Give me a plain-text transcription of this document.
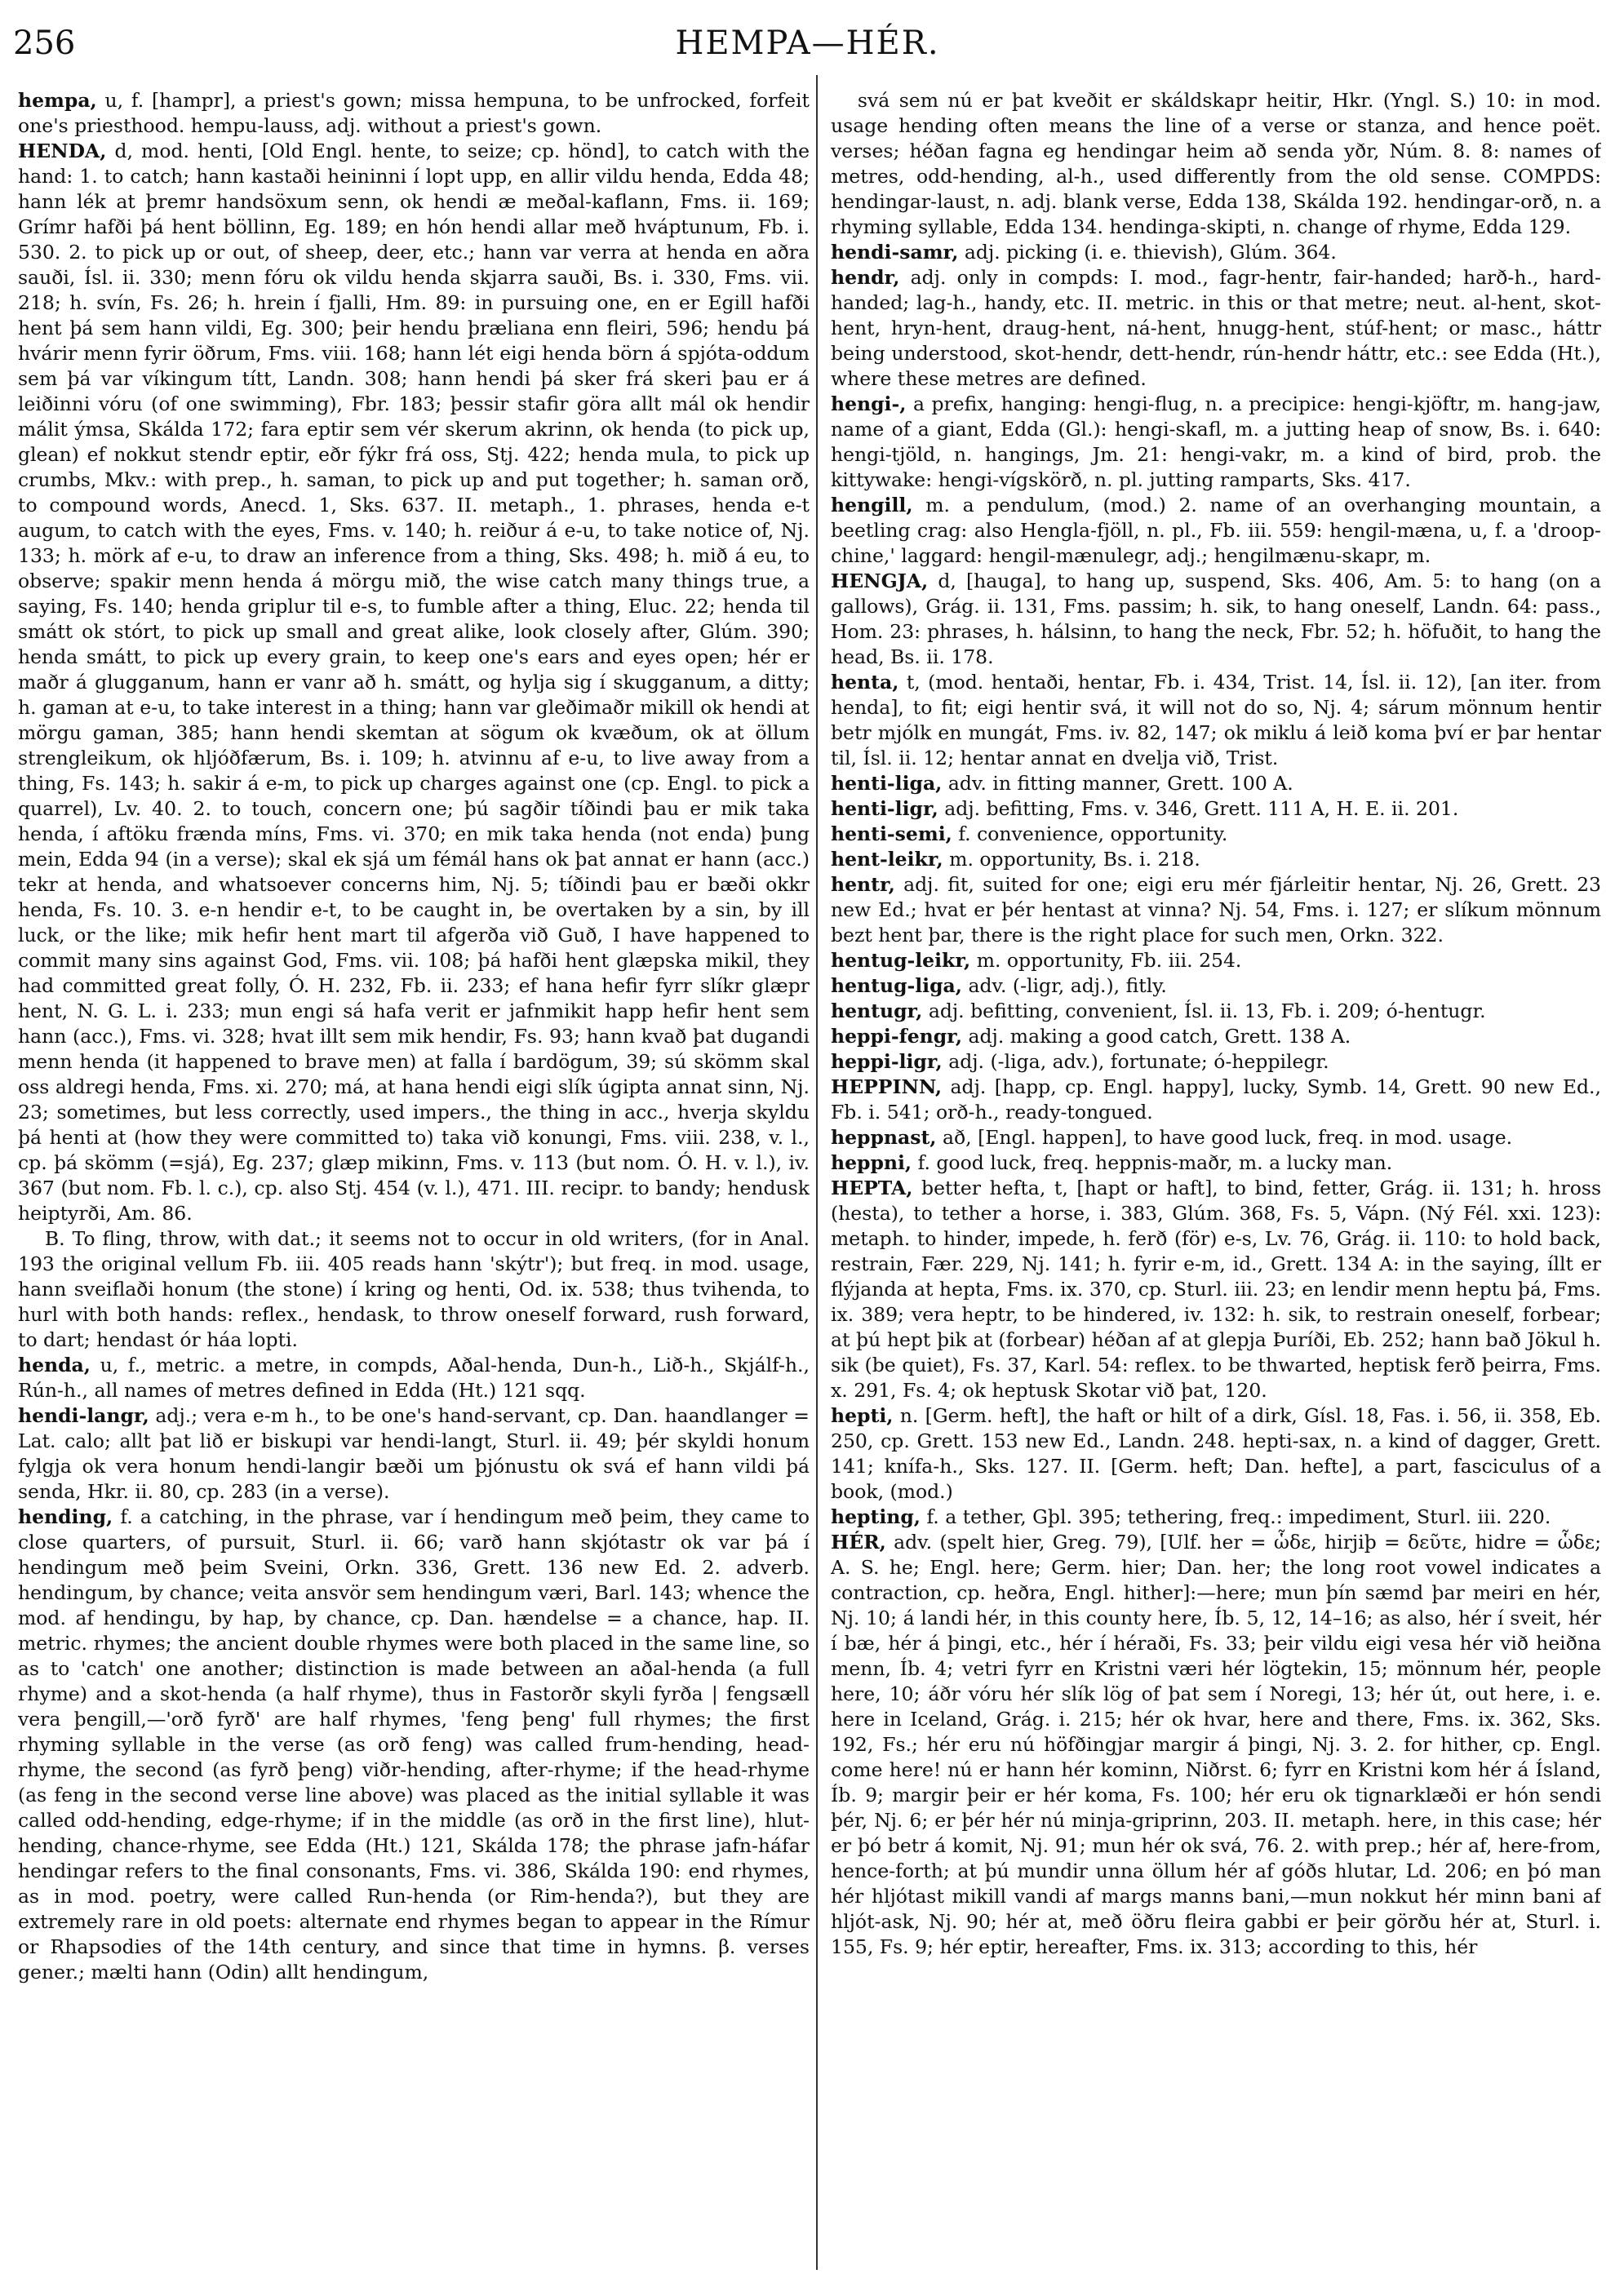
256	HEMPA—HÉR.

hempa, u, f. [hampr], a priest's gown; missa hempuna, to be unfrocked, forfeit one's priesthood. hempu-lauss, adj. without a priest's gown.

HENDA, d, mod. henti, [Old Engl. hente, to seize; cp. hönd], to catch with the hand: 1. to catch; hann kastaði heininni í lopt upp, en allir vildu henda, Edda 48; hann lék at þremr handsöxum senn, ok hendi æ meðal-kaflann, Fms. ii. 169; Grímr hafði þá hent böllinn, Eg. 189; en hón hendi allar með hváptunum, Fb. i. 530. 2. to pick up or out, of sheep, deer, etc.; hann var verra at henda en aðra sauði, Ísl. ii. 330; menn fóru ok vildu henda skjarra sauði, Bs. i. 330, Fms. vii. 218; h. svín, Fs. 26; h. hrein í fjalli, Hm. 89: in pursuing one, en er Egill hafði hent þá sem hann vildi, Eg. 300; þeir hendu þræliana enn fleiri, 596; hendu þá hvárir menn fyrir öðrum, Fms. viii. 168; hann lét eigi henda börn á spjóta-oddum sem þá var víkingum títt, Landn. 308; hann hendi þá sker frá skeri þau er á leiðinni vóru (of one swimming), Fbr. 183; þessir stafir göra allt mál ok hendir málit ýmsa, Skálda 172; fara eptir sem vér skerum akrinn, ok henda (to pick up, glean) ef nokkut stendr eptir, eðr fýkr frá oss, Stj. 422; henda mula, to pick up crumbs, Mkv.: with prep., h. saman, to pick up and put together; h. saman orð, to compound words, Anecd. 1, Sks. 637. II. metaph., 1. phrases, henda e-t augum, to catch with the eyes, Fms. v. 140; h. reiður á e-u, to take notice of, Nj. 133; h. mörk af e-u, to draw an inference from a thing, Sks. 498; h. mið á eu, to observe; spakir menn henda á mörgu mið, the wise catch many things true, a saying, Fs. 140; henda griplur til e-s, to fumble after a thing, Eluc. 22; henda til smátt ok stórt, to pick up small and great alike, look closely after, Glúm. 390; henda smátt, to pick up every grain, to keep one's ears and eyes open; hér er maðr á glugganum, hann er vanr að h. smátt, og hylja sig í skugganum, a ditty; h. gaman at e-u, to take interest in a thing; hann var gleðimaðr mikill ok hendi at mörgu gaman, 385; hann hendi skemtan at sögum ok kvæðum, ok at öllum strengleikum, ok hljóðfærum, Bs. i. 109; h. atvinnu af e-u, to live away from a thing, Fs. 143; h. sakir á e-m, to pick up charges against one (cp. Engl. to pick a quarrel), Lv. 40. 2. to touch, concern one; þú sagðir tíðindi þau er mik taka henda, í aftöku frænda míns, Fms. vi. 370; en mik taka henda (not enda) þung mein, Edda 94 (in a verse); skal ek sjá um fémál hans ok þat annat er hann (acc.) tekr at henda, and whatsoever concerns him, Nj. 5; tíðindi þau er bæði okkr henda, Fs. 10. 3. e-n hendir e-t, to be caught in, be overtaken by a sin, by ill luck, or the like; mik hefir hent mart til afgerða við Guð, I have happened to commit many sins against God, Fms. vii. 108; þá hafði hent glæpska mikil, they had committed great folly, Ó. H. 232, Fb. ii. 233; ef hana hefir fyrr slíkr glæpr hent, N. G. L. i. 233; mun engi sá hafa verit er jafnmikit happ hefir hent sem hann (acc.), Fms. vi. 328; hvat illt sem mik hendir, Fs. 93; hann kvað þat dugandi menn henda (it happened to brave men) at falla í bardögum, 39; sú skömm skal oss aldregi henda, Fms. xi. 270; má, at hana hendi eigi slík úgipta annat sinn, Nj. 23; sometimes, but less correctly, used impers., the thing in acc., hverja skyldu þá henti at (how they were committed to) taka við konungi, Fms. viii. 238, v. l., cp. þá skömm (=sjá), Eg. 237; glæp mikinn, Fms. v. 113 (but nom. Ó. H. v. l.), iv. 367 (but nom. Fb. l. c.), cp. also Stj. 454 (v. l.), 471. III. recipr. to bandy; hendusk heiptyrði, Am. 86.

B. To fling, throw, with dat.; it seems not to occur in old writers, (for in Anal. 193 the original vellum Fb. iii. 405 reads hann 'skýtr'); but freq. in mod. usage, hann sveiflaði honum (the stone) í kring og henti, Od. ix. 538; thus tvihenda, to hurl with both hands: reflex., hendask, to throw oneself forward, rush forward, to dart; hendast ór háa lopti.

henda, u, f., metric. a metre, in compds, Aðal-henda, Dun-h., Lið-h., Skjálf-h., Rún-h., all names of metres defined in Edda (Ht.) 121 sqq.

hendi-langr, adj.; vera e-m h., to be one's hand-servant, cp. Dan. haandlanger = Lat. calo; allt þat lið er biskupi var hendi-langt, Sturl. ii. 49; þér skyldi honum fylgja ok vera honum hendi-langir bæði um þjónustu ok svá ef hann vildi þá senda, Hkr. ii. 80, cp. 283 (in a verse).

hending, f. a catching, in the phrase, var í hendingum með þeim, they came to close quarters, of pursuit, Sturl. ii. 66; varð hann skjótastr ok var þá í hendingum með þeim Sveini, Orkn. 336, Grett. 136 new Ed. 2. adverb. hendingum, by chance; veita ansvör sem hendingum væri, Barl. 143; whence the mod. af hendingu, by hap, by chance, cp. Dan. hændelse = a chance, hap. II. metric. rhymes; the ancient double rhymes were both placed in the same line, so as to 'catch' one another; distinction is made between an aðal-henda (a full rhyme) and a skot-henda (a half rhyme), thus in Fastorðr skyli fyrða | fengsæll vera þengill,—'orð fyrð' are half rhymes, 'feng þeng' full rhymes; the first rhyming syllable in the verse (as orð feng) was called frum-hending, head-rhyme, the second (as fyrð þeng) viðr-hending, after-rhyme; if the head-rhyme (as feng in the second verse line above) was placed as the initial syllable it was called odd-hending, edge-rhyme; if in the middle (as orð in the first line), hlut-hending, chance-rhyme, see Edda (Ht.) 121, Skálda 178; the phrase jafn-háfar hendingar refers to the final consonants, Fms. vi. 386, Skálda 190: end rhymes, as in mod. poetry, were called Run-henda (or Rim-henda?), but they are extremely rare in old poets: alternate end rhymes began to appear in the Rímur or Rhapsodies of the 14th century, and since that time in hymns. β. verses gener.; mælti hann (Odin) allt hendingum,

svá sem nú er þat kveðit er skáldskapr heitir, Hkr. (Yngl. S.) 10: in mod. usage hending often means the line of a verse or stanza, and hence poët. verses; héðan fagna eg hendingar heim að senda yðr, Núm. 8. 8: names of metres, odd-hending, al-h., used differently from the old sense. COMPDS: hendingar-laust, n. adj. blank verse, Edda 138, Skálda 192. hendingar-orð, n. a rhyming syllable, Edda 134. hendinga-skipti, n. change of rhyme, Edda 129.

hendi-samr, adj. picking (i. e. thievish), Glúm. 364.

hendr, adj. only in compds: I. mod., fagr-hentr, fair-handed; harð-h., hard-handed; lag-h., handy, etc. II. metric. in this or that metre; neut. al-hent, skot-hent, hryn-hent, draug-hent, ná-hent, hnugg-hent, stúf-hent; or masc., háttr being understood, skot-hendr, dett-hendr, rún-hendr háttr, etc.: see Edda (Ht.), where these metres are defined.

hengi-, a prefix, hanging: hengi-flug, n. a precipice: hengi-kjöftr, m. hang-jaw, name of a giant, Edda (Gl.): hengi-skafl, m. a jutting heap of snow, Bs. i. 640: hengi-tjöld, n. hangings, Jm. 21: hengi-vakr, m. a kind of bird, prob. the kittywake: hengi-vígskörð, n. pl. jutting ramparts, Sks. 417.

hengill, m. a pendulum, (mod.) 2. name of an overhanging mountain, a beetling crag: also Hengla-fjöll, n. pl., Fb. iii. 559: hengil-mæna, u, f. a 'droop-chine,' laggard: hengil-mænulegr, adj.; hengilmænu-skapr, m.

HENGJA, d, [hauga], to hang up, suspend, Sks. 406, Am. 5: to hang (on a gallows), Grág. ii. 131, Fms. passim; h. sik, to hang oneself, Landn. 64: pass., Hom. 23: phrases, h. hálsinn, to hang the neck, Fbr. 52; h. höfuðit, to hang the head, Bs. ii. 178.

henta, t, (mod. hentaði, hentar, Fb. i. 434, Trist. 14, Ísl. ii. 12), [an iter. from henda], to fit; eigi hentir svá, it will not do so, Nj. 4; sárum mönnum hentir betr mjólk en mungát, Fms. iv. 82, 147; ok miklu á leið koma því er þar hentar til, Ísl. ii. 12; hentar annat en dvelja við, Trist.

henti-liga, adv. in fitting manner, Grett. 100 A.

henti-ligr, adj. befitting, Fms. v. 346, Grett. 111 A, H. E. ii. 201.

henti-semi, f. convenience, opportunity.

hent-leikr, m. opportunity, Bs. i. 218.

hentr, adj. fit, suited for one; eigi eru mér fjárleitir hentar, Nj. 26, Grett. 23 new Ed.; hvat er þér hentast at vinna? Nj. 54, Fms. i. 127; er slíkum mönnum bezt hent þar, there is the right place for such men, Orkn. 322.

hentug-leikr, m. opportunity, Fb. iii. 254.

hentug-liga, adv. (-ligr, adj.), fitly.

hentugr, adj. befitting, convenient, Ísl. ii. 13, Fb. i. 209; ó-hentugr.

heppi-fengr, adj. making a good catch, Grett. 138 A.

heppi-ligr, adj. (-liga, adv.), fortunate; ó-heppilegr.

HEPPINN, adj. [happ, cp. Engl. happy], lucky, Symb. 14, Grett. 90 new Ed., Fb. i. 541; orð-h., ready-tongued.

heppnast, að, [Engl. happen], to have good luck, freq. in mod. usage.

heppni, f. good luck, freq. heppnis-maðr, m. a lucky man.

HEPTA, better hefta, t, [hapt or haft], to bind, fetter, Grág. ii. 131; h. hross (hesta), to tether a horse, i. 383, Glúm. 368, Fs. 5, Vápn. (Ný Fél. xxi. 123): metaph. to hinder, impede, h. ferð (för) e-s, Lv. 76, Grág. ii. 110: to hold back, restrain, Fær. 229, Nj. 141; h. fyrir e-m, id., Grett. 134 A: in the saying, íllt er flýjanda at hepta, Fms. ix. 370, cp. Sturl. iii. 23; en lendir menn heptu þá, Fms. ix. 389; vera heptr, to be hindered, iv. 132: h. sik, to restrain oneself, forbear; at þú hept þik at (forbear) héðan af at glepja Þuríði, Eb. 252; hann bað Jökul h. sik (be quiet), Fs. 37, Karl. 54: reflex. to be thwarted, heptisk ferð þeirra, Fms. x. 291, Fs. 4; ok heptusk Skotar við þat, 120.

hepti, n. [Germ. heft], the haft or hilt of a dirk, Gísl. 18, Fas. i. 56, ii. 358, Eb. 250, cp. Grett. 153 new Ed., Landn. 248. hepti-sax, n. a kind of dagger, Grett. 141; knífa-h., Sks. 127. II. [Germ. heft; Dan. hefte], a part, fasciculus of a book, (mod.)

hepting, f. a tether, Gþl. 395; tethering, freq.: impediment, Sturl. iii. 220.

HÉR, adv. (spelt hier, Greg. 79), [Ulf. her = ὧδε, hirjiþ = δεῦτε, hidre = ὧδε; A. S. he; Engl. here; Germ. hier; Dan. her; the long root vowel indicates a contraction, cp. heðra, Engl. hither]:—here; mun þín sæmd þar meiri en hér, Nj. 10; á landi hér, in this county here, Íb. 5, 12, 14–16; as also, hér í sveit, hér í bæ, hér á þingi, etc., hér í héraði, Fs. 33; þeir vildu eigi vesa hér við heiðna menn, Íb. 4; vetri fyrr en Kristni væri hér lögtekin, 15; mönnum hér, people here, 10; áðr vóru hér slík lög of þat sem í Noregi, 13; hér út, out here, i. e. here in Iceland, Grág. i. 215; hér ok hvar, here and there, Fms. ix. 362, Sks. 192, Fs.; hér eru nú höfðingjar margir á þingi, Nj. 3. 2. for hither, cp. Engl. come here! nú er hann hér kominn, Niðrst. 6; fyrr en Kristni kom hér á Ísland, Íb. 9; margir þeir er hér koma, Fs. 100; hér eru ok tignarklæði er hón sendi þér, Nj. 6; er þér hér nú minja-griprinn, 203. II. metaph. here, in this case; hér er þó betr á komit, Nj. 91; mun hér ok svá, 76. 2. with prep.; hér af, here-from, hence-forth; at þú mundir unna öllum hér af góðs hlutar, Ld. 206; en þó man hér hljótast mikill vandi af margs manns bani,—mun nokkut hér minn bani af hljót-ask, Nj. 90; hér at, með öðru fleira gabbi er þeir görðu hér at, Sturl. i. 155, Fs. 9; hér eptir, hereafter, Fms. ix. 313; according to this, hér
